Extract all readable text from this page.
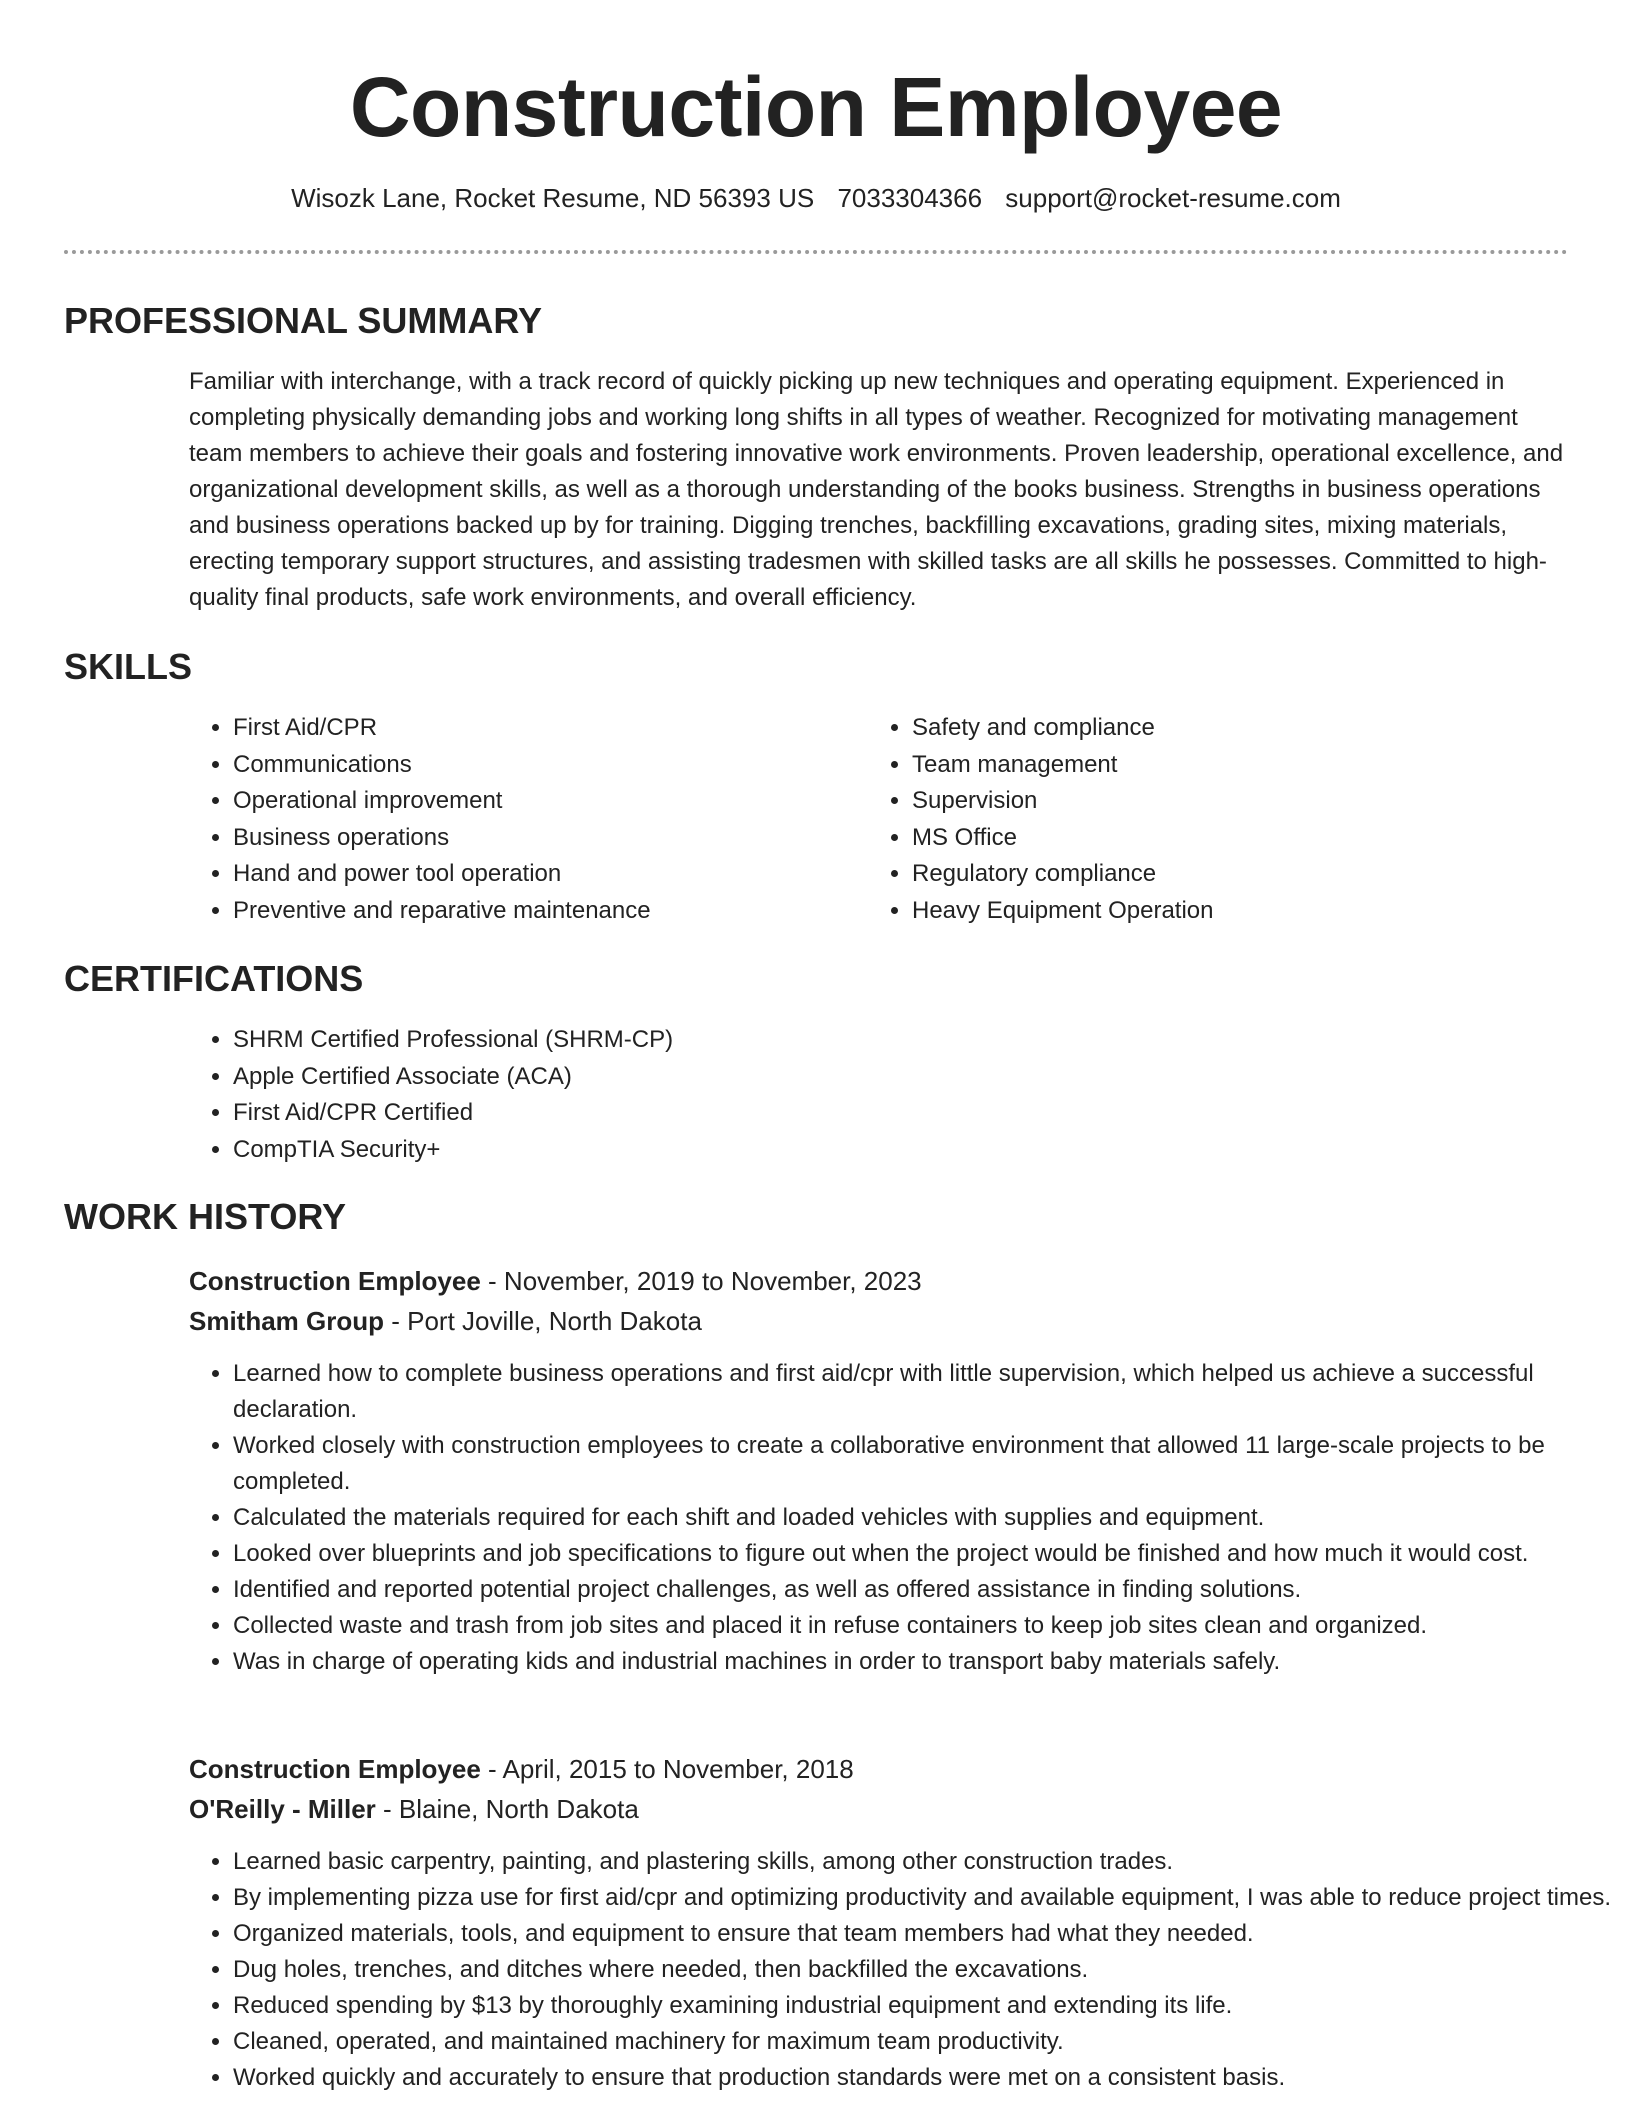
Construction Employee
Wisozk Lane, Rocket Resume, ND 56393 US 7033304366 support@rocket-resume.com
PROFESSIONAL SUMMARY

Familiar with interchange, with a track record of quickly picking up new techniques and operating equipment. Experienced in completing physically demanding jobs and working long shifts in all types of weather. Recognized for motivating management team members to achieve their goals and fostering innovative work environments. Proven leadership, operational excellence, and organizational development skills, as well as a thorough understanding of the books business. Strengths in business operations and business operations backed up by for training. Digging trenches, backfilling excavations, grading sites, mixing materials, erecting temporary support structures, and assisting tradesmen with skilled tasks are all skills he possesses. Committed to high-quality final products, safe work environments, and overall efficiency.

SKILLS
• First Aid/CPR
• Communications
• Operational improvement
• Business operations
• Hand and power tool operation
• Preventive and reparative maintenance
• Safety and compliance
• Team management
• Supervision
• MS Office
• Regulatory compliance
• Heavy Equipment Operation
CERTIFICATIONS
• SHRM Certified Professional (SHRM-CP)
• Apple Certified Associate (ACA)
• First Aid/CPR Certified
• CompTIA Security+
WORK HISTORY
Construction Employee - November, 2019 to November, 2023
Smitham Group - Port Joville, North Dakota
• Learned how to complete business operations and first aid/cpr with little supervision, which helped us achieve a successful declaration.
• Worked closely with construction employees to create a collaborative environment that allowed 11 large-scale projects to be completed.
• Calculated the materials required for each shift and loaded vehicles with supplies and equipment.
• Looked over blueprints and job specifications to figure out when the project would be finished and how much it would cost.
• Identified and reported potential project challenges, as well as offered assistance in finding solutions.
• Collected waste and trash from job sites and placed it in refuse containers to keep job sites clean and organized.
• Was in charge of operating kids and industrial machines in order to transport baby materials safely.
Construction Employee - April, 2015 to November, 2018
O'Reilly - Miller - Blaine, North Dakota
• Learned basic carpentry, painting, and plastering skills, among other construction trades.
• By implementing pizza use for first aid/cpr and optimizing productivity and available equipment, I was able to reduce project times.
• Organized materials, tools, and equipment to ensure that team members had what they needed.
• Dug holes, trenches, and ditches where needed, then backfilled the excavations.
• Reduced spending by $13 by thoroughly examining industrial equipment and extending its life.
• Cleaned, operated, and maintained machinery for maximum team productivity.
• Worked quickly and accurately to ensure that production standards were met on a consistent basis.
